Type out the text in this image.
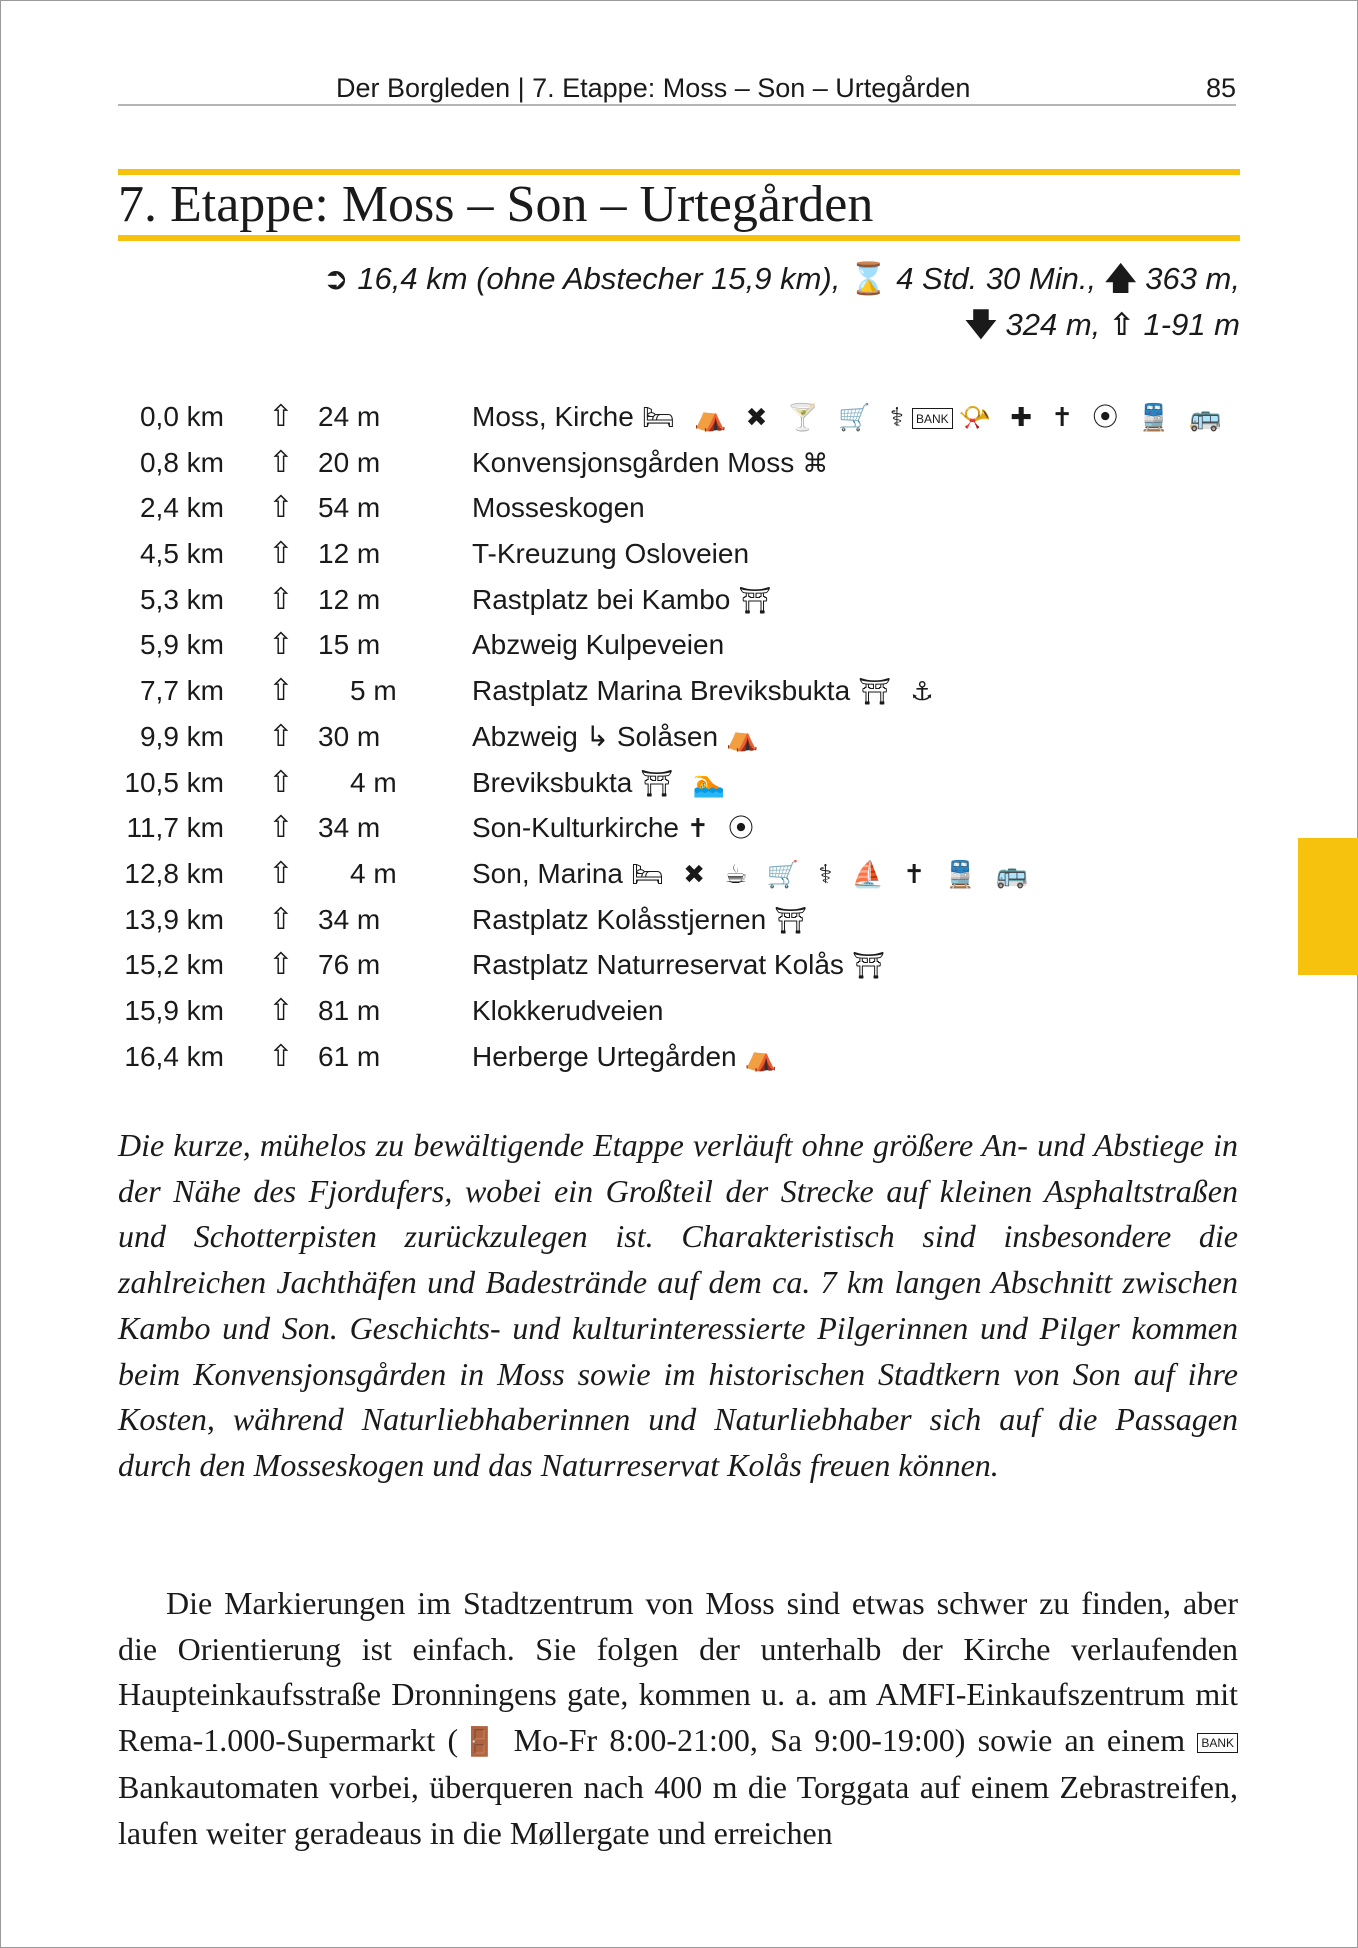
Der Borgleden | 7. Etappe: Moss – Son – Urtegården	85
7. Etappe: Moss – Son – Urtegården
➲ 16,4 km (ohne Abstecher 15,9 km), ⌛ 4 Std. 30 Min., 🡅 363 m,
🡇 324 m, ⇧ 1-91 m
0,0 km ⇧ 24 m	Moss, Kirche 🛏 ⛺ ✖ 🍸 🛒 ⚕ BANK 📯 ✚ ✝ ⦿ 🚆 🚌
0,8 km ⇧ 20 m	Konvensjonsgården Moss ⌘
2,4 km ⇧ 54 m	Mosseskogen
4,5 km ⇧ 12 m	T-Kreuzung Osloveien
5,3 km ⇧ 12 m	Rastplatz bei Kambo ⛩
5,9 km ⇧ 15 m	Abzweig Kulpeveien
7,7 km ⇧ 5 m	Rastplatz Marina Breviksbukta ⛩ ⚓
9,9 km ⇧ 30 m	Abzweig ↳ Solåsen ⛺
10,5 km ⇧ 4 m	Breviksbukta ⛩ 🏊
11,7 km ⇧ 34 m	Son-Kulturkirche ✝ ⦿
12,8 km ⇧ 4 m	Son, Marina 🛏 ✖ ☕ 🛒 ⚕ ⛵ ✝ 🚆 🚌
13,9 km ⇧ 34 m	Rastplatz Kolåsstjernen ⛩
15,2 km ⇧ 76 m	Rastplatz Naturreservat Kolås ⛩
15,9 km ⇧ 81 m	Klokkerudveien
16,4 km ⇧ 61 m	Herberge Urtegården ⛺

Die kurze, mühelos zu bewältigende Etappe verläuft ohne größere An- und Abstiege in der Nähe des Fjordufers, wobei ein Großteil der Strecke auf kleinen Asphaltstraßen und Schotterpisten zurückzulegen ist. Charakteristisch sind insbesondere die zahlreichen Jachthäfen und Badestrände auf dem ca. 7 km langen Abschnitt zwischen Kambo und Son. Geschichts- und kulturinteressierte Pilgerinnen und Pilger kommen beim Konvensjonsgården in Moss sowie im historischen Stadtkern von Son auf ihre Kosten, während Naturliebhaberinnen und Naturliebhaber sich auf die Passagen durch den Mosseskogen und das Naturreservat Kolås freuen können.

Die Markierungen im Stadtzentrum von Moss sind etwas schwer zu finden, aber die Orientierung ist einfach. Sie folgen der unterhalb der Kirche verlaufenden Haupteinkaufsstraße Dronningens gate, kommen u. a. am AMFI-Einkaufszentrum mit Rema-1.000-Supermarkt (🚪 Mo-Fr 8:00-21:00, Sa 9:00-19:00) sowie an einem BANK Bankautomaten vorbei, überqueren nach 400 m die Torggata auf einem Zebrastreifen, laufen weiter geradeaus in die Møllergate und erreichen
